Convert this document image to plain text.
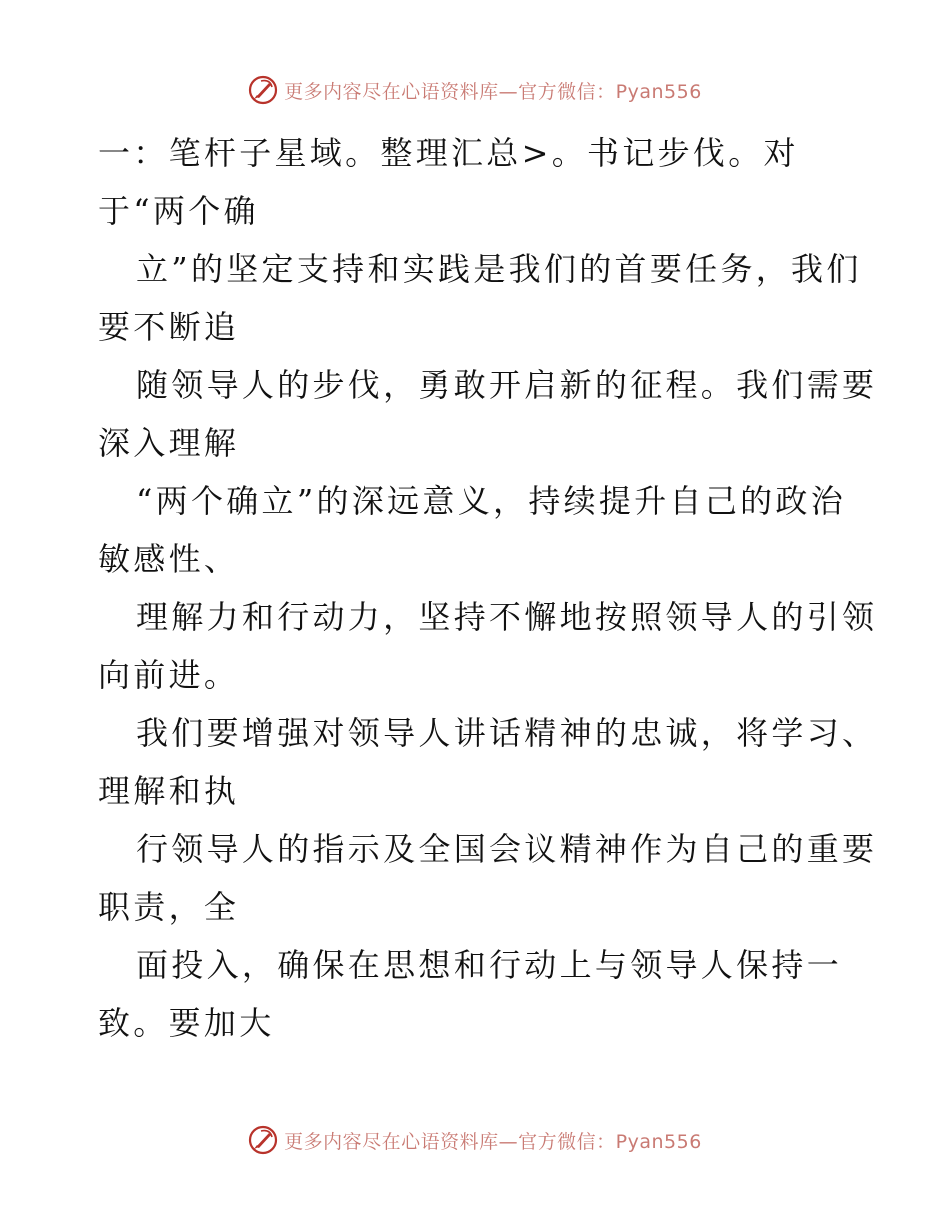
更多内容尽在心语资料库—官方微信：Pyan556
一：笔杆子星域。整理汇总>。书记步伐。对
于“两个确
立”的坚定支持和实践是我们的首要任务，我们
要不断追
随领导人的步伐，勇敢开启新的征程。我们需要
深入理解
“两个确立”的深远意义，持续提升自己的政治
敏感性、
理解力和行动力，坚持不懈地按照领导人的引领
向前进。
我们要增强对领导人讲话精神的忠诚，将学习、
理解和执
行领导人的指示及全国会议精神作为自己的重要
职责，全
面投入，确保在思想和行动上与领导人保持一
致。要加大
更多内容尽在心语资料库—官方微信：Pyan556
